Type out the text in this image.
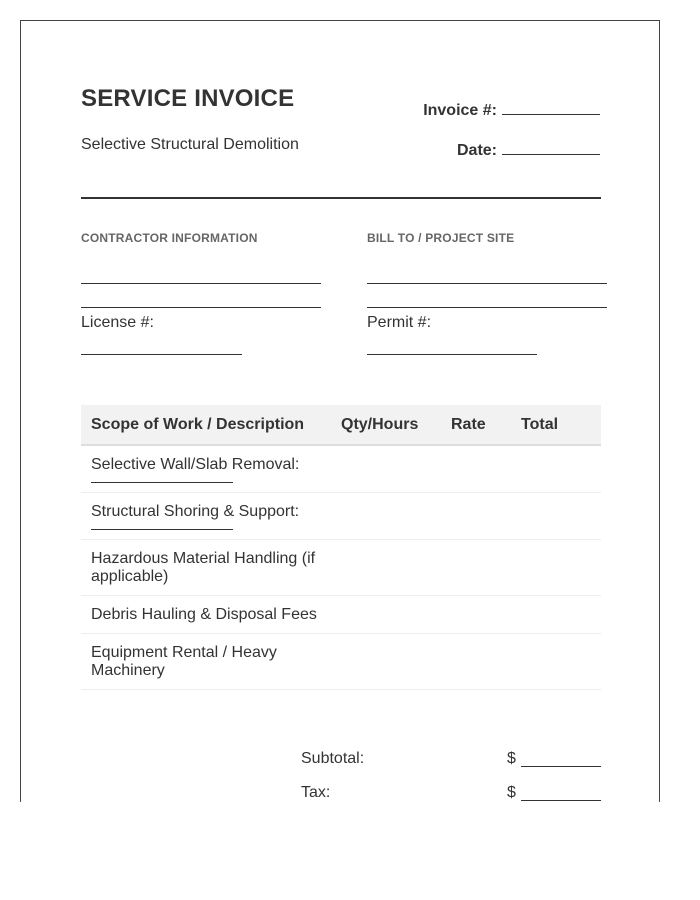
SERVICE INVOICE
Selective Structural Demolition
Invoice #:
Date:
CONTRACTOR INFORMATION	BILL TO / PROJECT SITE
License #:	Permit #:
Scope of Work / Description	Qty/Hours	Rate	Total
Selective Wall/Slab Removal:

Structural Shoring & Support:

Hazardous Material Handling (if applicable)			
Debris Hauling & Disposal Fees			
Equipment Rental / Heavy Machinery			
Subtotal:	$
Tax:	$
